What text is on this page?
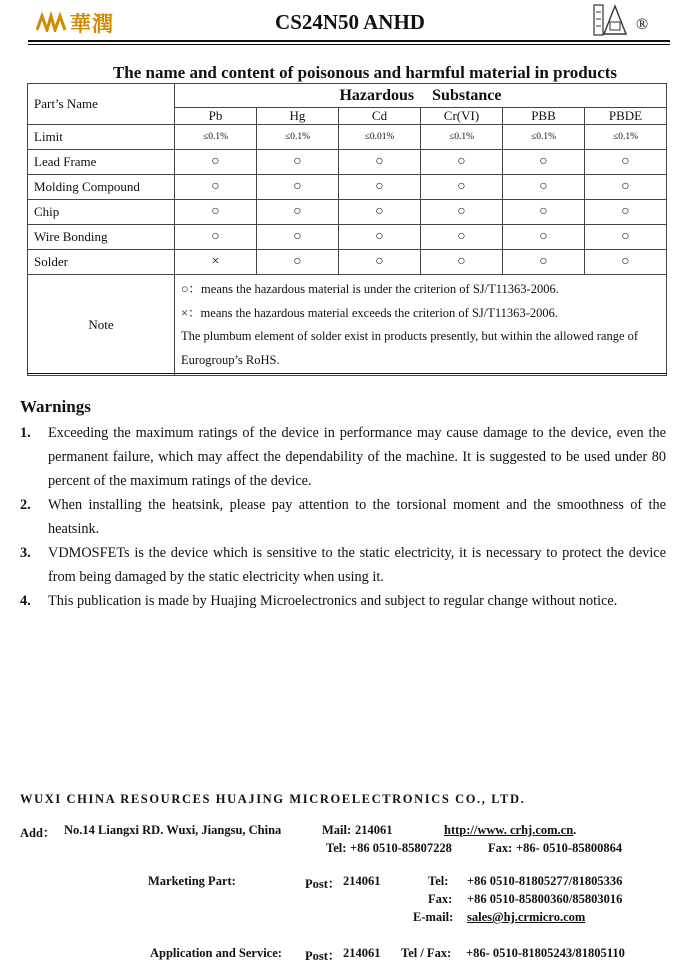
華潤	CS24N50 ANHD	®
The name and content of poisonous and harmful material in products
Part’s Name	Hazardous Substance					
	Pb	Hg	Cd	Cr(VI)	PBB	PBDE
Limit	≤0.1%	≤0.1%	≤0.01%	≤0.1%	≤0.1%	≤0.1%
Lead Frame	○	○	○	○	○	○
Molding Compound	○	○	○	○	○	○
Chip	○	○	○	○	○	○
Wire Bonding	○	○	○	○	○	○
Solder	×	○	○	○	○	○
Note	○：means the hazardous material is under the criterion of SJ/T11363-2006.

×：means the hazardous material exceeds the criterion of SJ/T11363-2006.

The plumbum element of solder exist in products presently, but within the allowed range of Eurogroup’s RoHS.					

Warnings
1. Exceeding the maximum ratings of the device in performance may cause damage to the device, even the permanent failure, which may affect the dependability of the machine. It is suggested to be used under 80 percent of the maximum ratings of the device.
2. When installing the heatsink, please pay attention to the torsional moment and the smoothness of the heatsink.
3. VDMOSFETs is the device which is sensitive to the static electricity, it is necessary to protect the device from being damaged by the static electricity when using it.
4. This publication is made by Huajing Microelectronics and subject to regular change without notice.
WUXI CHINA RESOURCES HUAJING MICROELECTRONICS CO., LTD.
Add： No.14 Liangxi RD. Wuxi, Jiangsu, China	Mail: 214061	http://www. crhj.com.cn.
Tel: +86 0510-85807228	Fax: +86- 0510-85800864
Marketing Part:	Post： 214061	Tel: +86 0510-81805277/81805336
Fax: +86 0510-85800360/85803016
E-mail: sales@hj.crmicro.com
Application and Service: Post： 214061 Tel / Fax: +86- 0510-81805243/81805110
